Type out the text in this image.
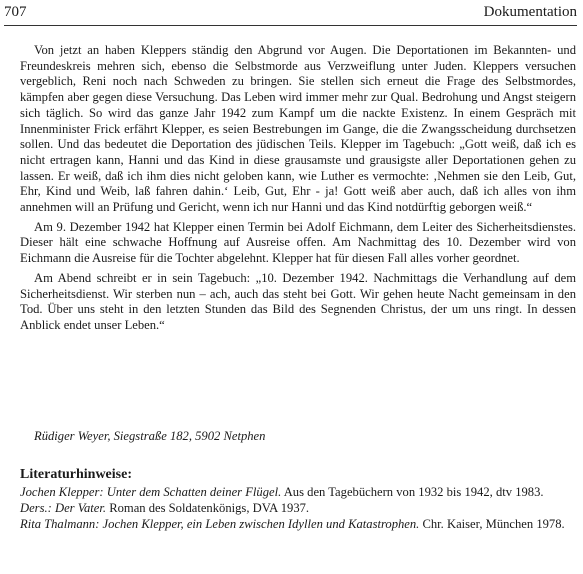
707	Dokumentation

Von jetzt an haben Kleppers ständig den Abgrund vor Augen. Die Deportationen im Bekannten- und Freundeskreis mehren sich, ebenso die Selbstmorde aus Verzweiflung unter Juden. Kleppers versuchen vergeblich, Reni noch nach Schweden zu bringen. Sie stellen sich erneut die Frage des Selbstmordes, kämpfen aber gegen diese Versuchung. Das Leben wird immer mehr zur Qual. Bedrohung und Angst steigern sich täglich. So wird das ganze Jahr 1942 zum Kampf um die nackte Existenz. In einem Gespräch mit Innenminister Frick erfährt Klepper, es seien Bestrebungen im Gange, die die Zwangsscheidung durchsetzen sollen. Und das bedeutet die Deportation des jüdischen Teils. Klepper im Tagebuch: „Gott weiß, daß ich es nicht ertragen kann, Hanni und das Kind in diese grausamste und grausigste aller Deportationen gehen zu lassen. Er weiß, daß ich ihm dies nicht geloben kann, wie Luther es vermochte: ‚Nehmen sie den Leib, Gut, Ehr, Kind und Weib, laß fahren dahin.‘ Leib, Gut, Ehr - ja! Gott weiß aber auch, daß ich alles von ihm annehmen will an Prüfung und Gericht, wenn ich nur Hanni und das Kind notdürftig geborgen weiß.“

Am 9. Dezember 1942 hat Klepper einen Termin bei Adolf Eichmann, dem Leiter des Sicherheitsdienstes. Dieser hält eine schwache Hoffnung auf Ausreise offen. Am Nachmittag des 10. Dezember wird von Eichmann die Ausreise für die Tochter abgelehnt. Klepper hat für diesen Fall alles vorher geordnet.

Am Abend schreibt er in sein Tagebuch: „10. Dezember 1942. Nachmittags die Verhandlung auf dem Sicherheitsdienst. Wir sterben nun – ach, auch das steht bei Gott. Wir gehen heute Nacht gemeinsam in den Tod. Über uns steht in den letzten Stunden das Bild des Segnenden Christus, der um uns ringt. In dessen Anblick endet unser Leben.“

Rüdiger Weyer, Siegstraße 182, 5902 Netphen
Literaturhinweise:
Jochen Klepper: Unter dem Schatten deiner Flügel. Aus den Tagebüchern von 1932 bis 1942, dtv 1983.
Ders.: Der Vater. Roman des Soldatenkönigs, DVA 1937.
Rita Thalmann: Jochen Klepper, ein Leben zwischen Idyllen und Katastrophen. Chr. Kaiser, München 1978.
